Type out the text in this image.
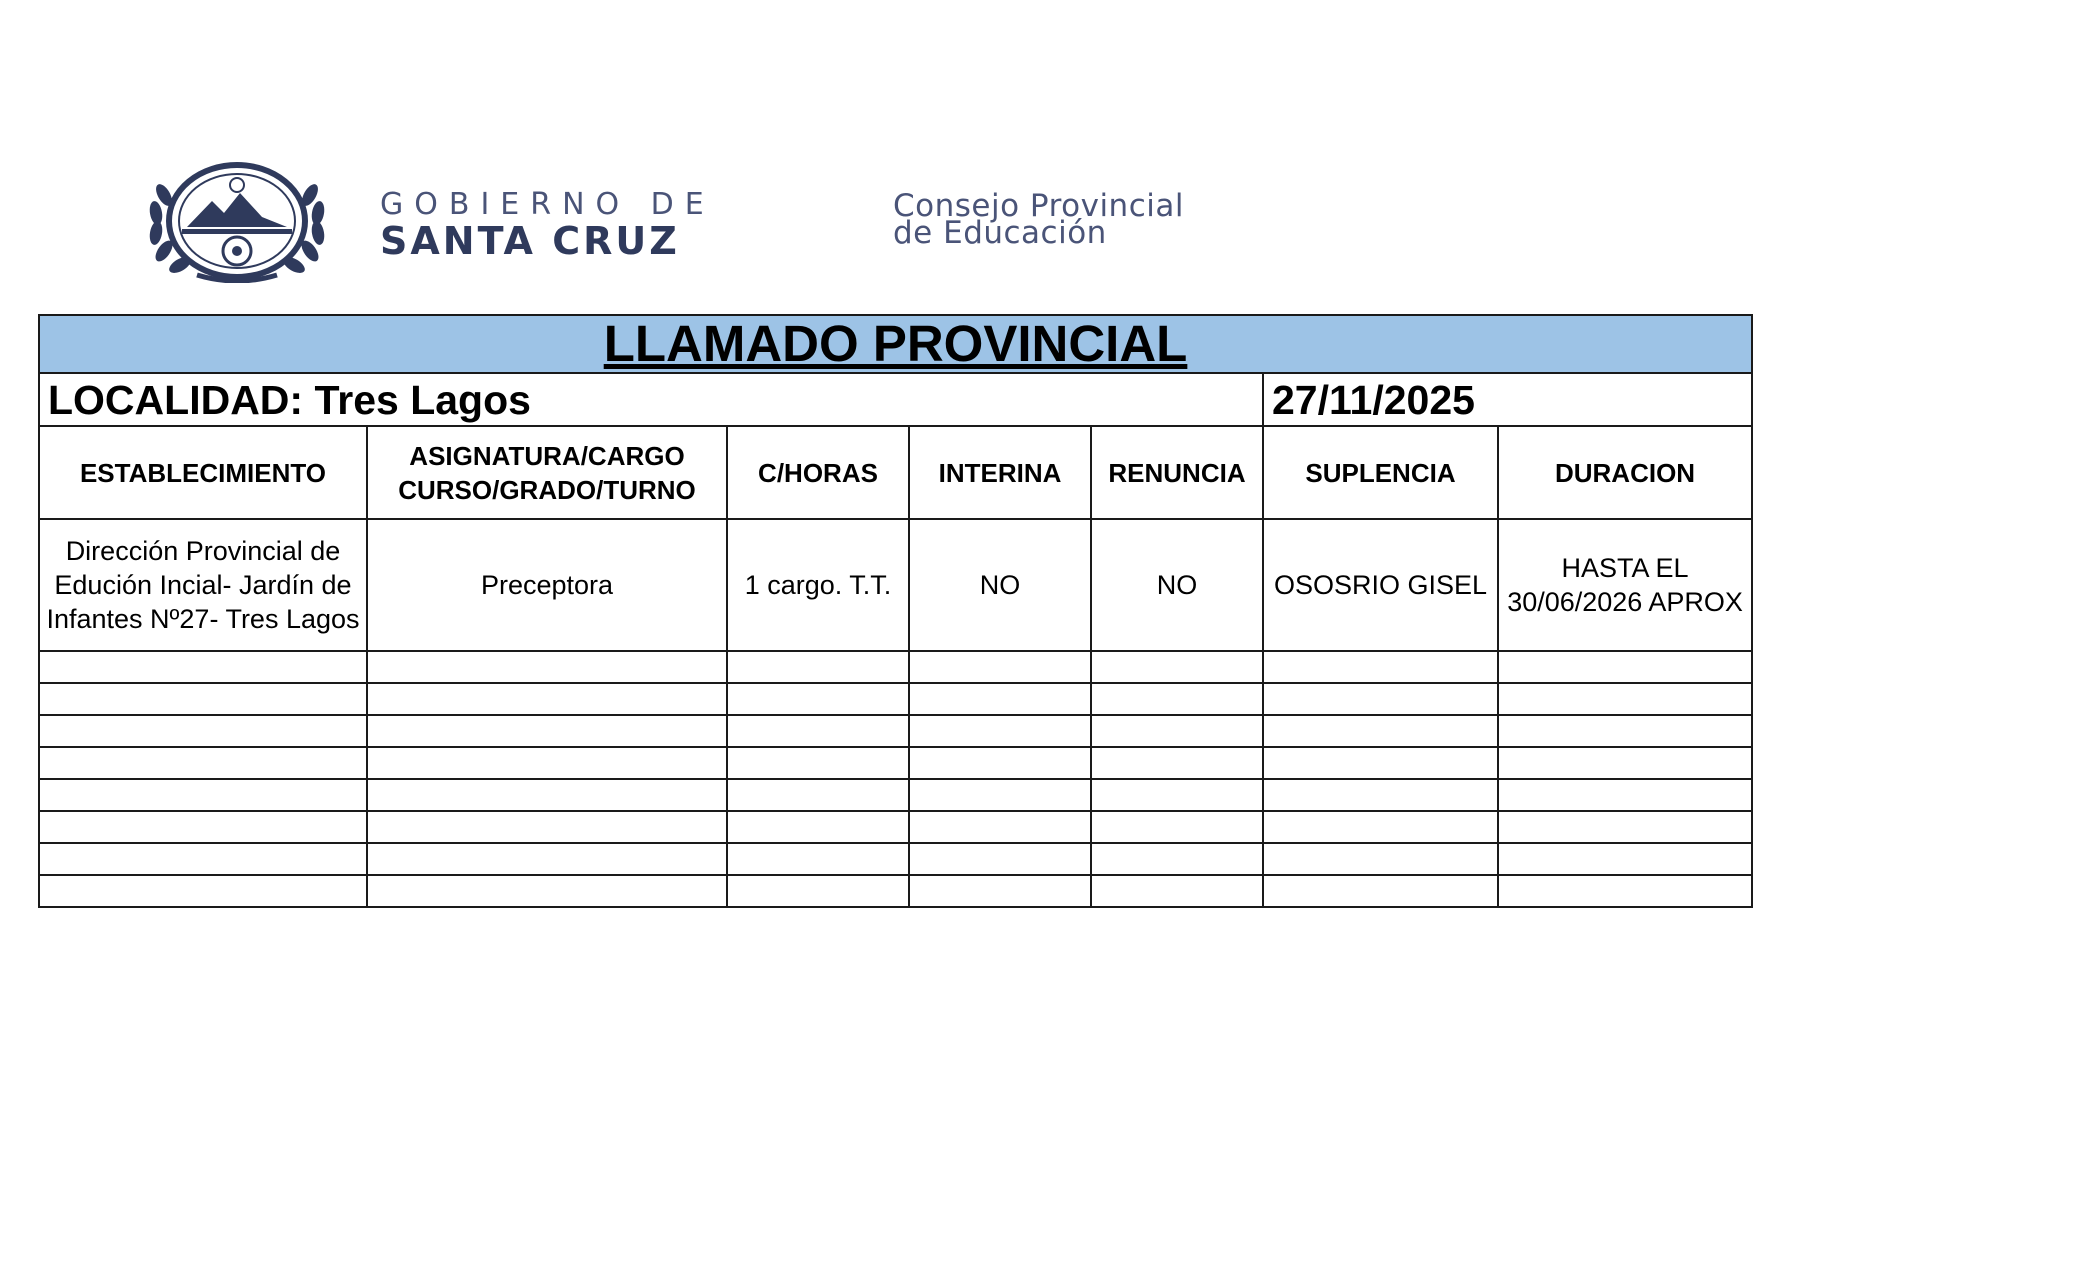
GOBIERNO DE
SANTA CRUZ
Consejo Provincial
de Educación
LLAMADO PROVINCIAL						
LOCALIDAD: Tres Lagos					27/11/2025	
ESTABLECIMIENTO	ASIGNATURA/CARGO CURSO/GRADO/TURNO	C/HORAS	INTERINA	RENUNCIA	SUPLENCIA	DURACION
Dirección Provincial de Edución Incial- Jardín de Infantes Nº27- Tres Lagos	Preceptora	1 cargo. T.T.	NO	NO	OSOSRIO GISEL	HASTA EL 30/06/2026 APROX
